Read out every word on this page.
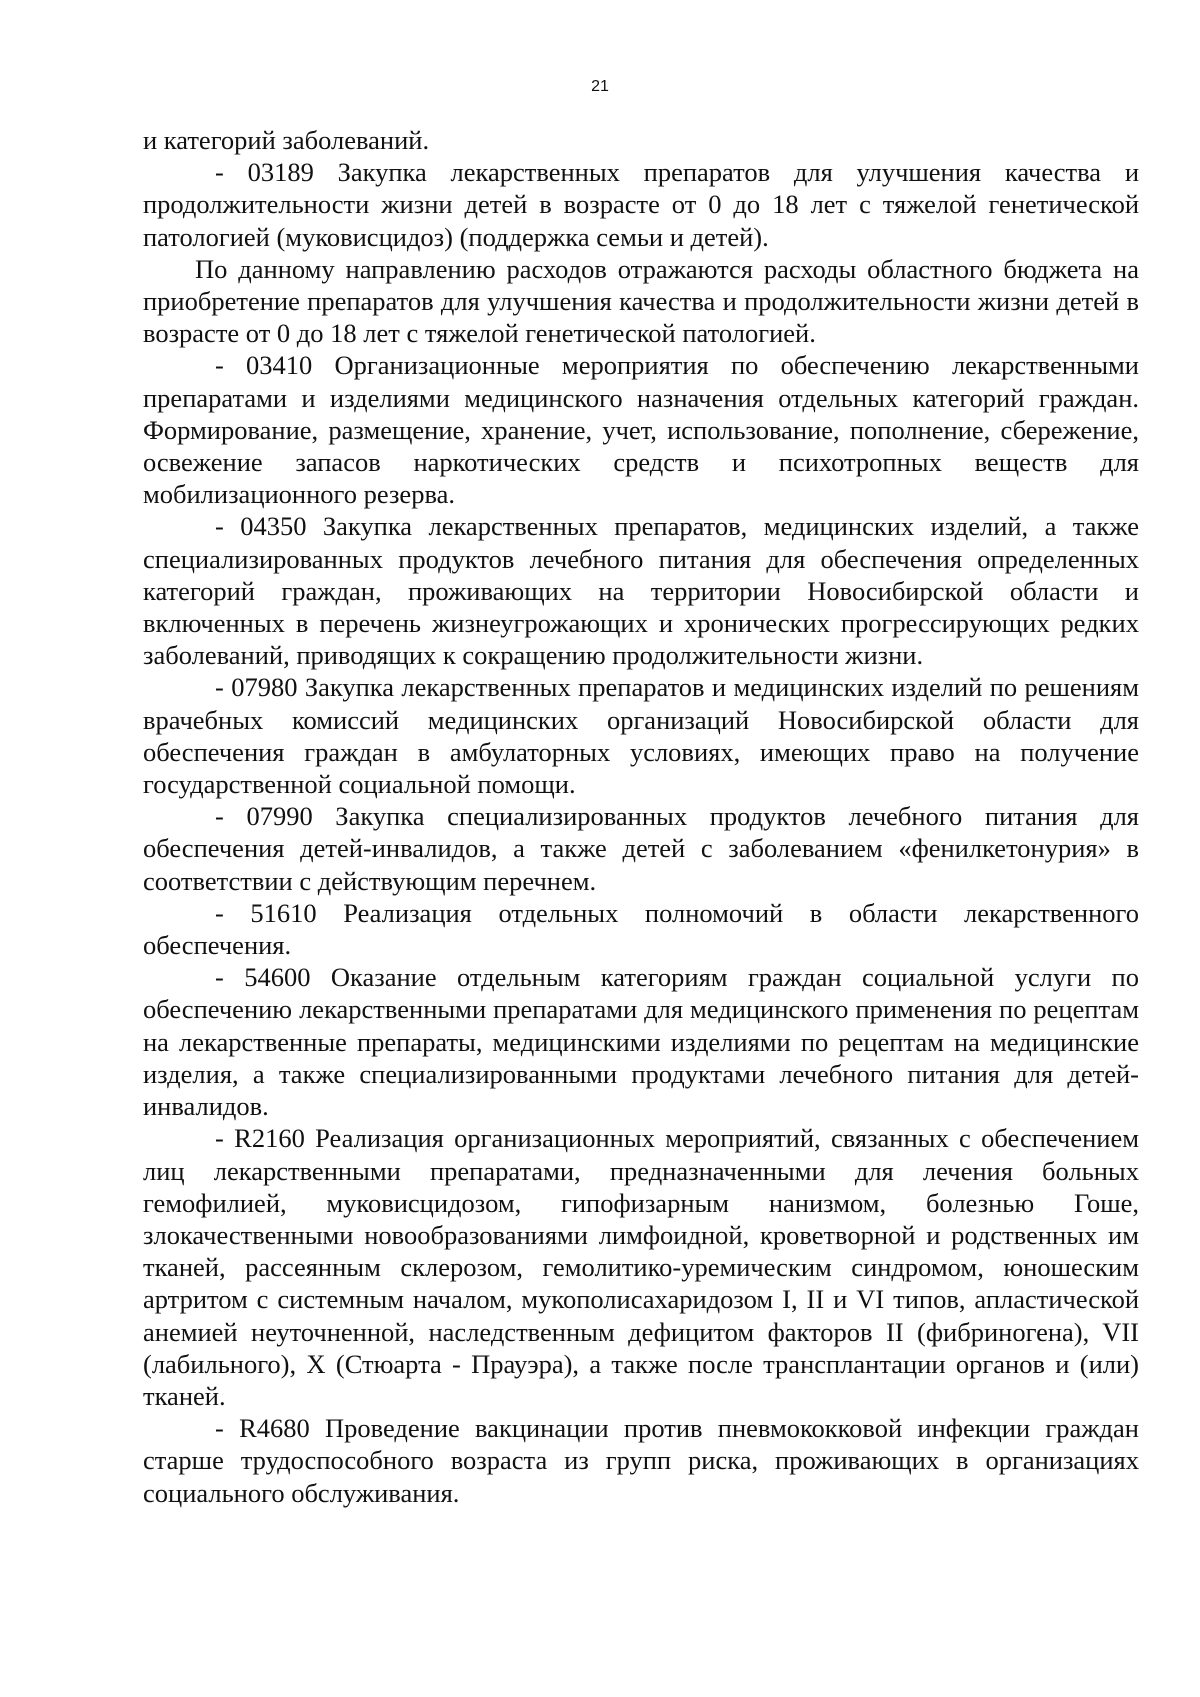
21

и категорий заболеваний.

- 03189 Закупка лекарственных препаратов для улучшения качества и продолжительности жизни детей в возрасте от 0 до 18 лет с тяжелой генетической патологией (муковисцидоз) (поддержка семьи и детей).

По данному направлению расходов отражаются расходы областного бюджета на приобретение препаратов для улучшения качества и продолжительности жизни детей в возрасте от 0 до 18 лет с тяжелой генетической патологией.

- 03410 Организационные мероприятия по обеспечению лекарственными препаратами и изделиями медицинского назначения отдельных категорий граждан. Формирование, размещение, хранение, учет, использование, пополнение, сбережение, освежение запасов наркотических средств и психотропных веществ для мобилизационного резерва.

- 04350 Закупка лекарственных препаратов, медицинских изделий, а также специализированных продуктов лечебного питания для обеспечения определенных категорий граждан, проживающих на территории Новосибирской области и включенных в перечень жизнеугрожающих и хронических прогрессирующих редких заболеваний, приводящих к сокращению продолжительности жизни.

- 07980 Закупка лекарственных препаратов и медицинских изделий по решениям врачебных комиссий медицинских организаций Новосибирской области для обеспечения граждан в амбулаторных условиях, имеющих право на получение государственной социальной помощи.

- 07990 Закупка специализированных продуктов лечебного питания для обеспечения детей-инвалидов, а также детей с заболеванием «фенилкетонурия» в соответствии с действующим перечнем.

- 51610 Реализация отдельных полномочий в области лекарственного обеспечения.

- 54600 Оказание отдельным категориям граждан социальной услуги по обеспечению лекарственными препаратами для медицинского применения по рецептам на лекарственные препараты, медицинскими изделиями по рецептам на медицинские изделия, а также специализированными продуктами лечебного питания для детей-инвалидов.

- R2160 Реализация организационных мероприятий, связанных с обеспечением лиц лекарственными препаратами, предназначенными для лечения больных гемофилией, муковисцидозом, гипофизарным нанизмом, болезнью Гоше, злокачественными новообразованиями лимфоидной, кроветворной и родственных им тканей, рассеянным склерозом, гемолитико-уремическим синдромом, юношеским артритом с системным началом, мукополисахаридозом I, II и VI типов, апластической анемией неуточненной, наследственным дефицитом факторов II (фибриногена), VII (лабильного), X (Стюарта - Прауэра), а также после трансплантации органов и (или) тканей.

- R4680 Проведение вакцинации против пневмококковой инфекции граждан старше трудоспособного возраста из групп риска, проживающих в организациях социального обслуживания.
